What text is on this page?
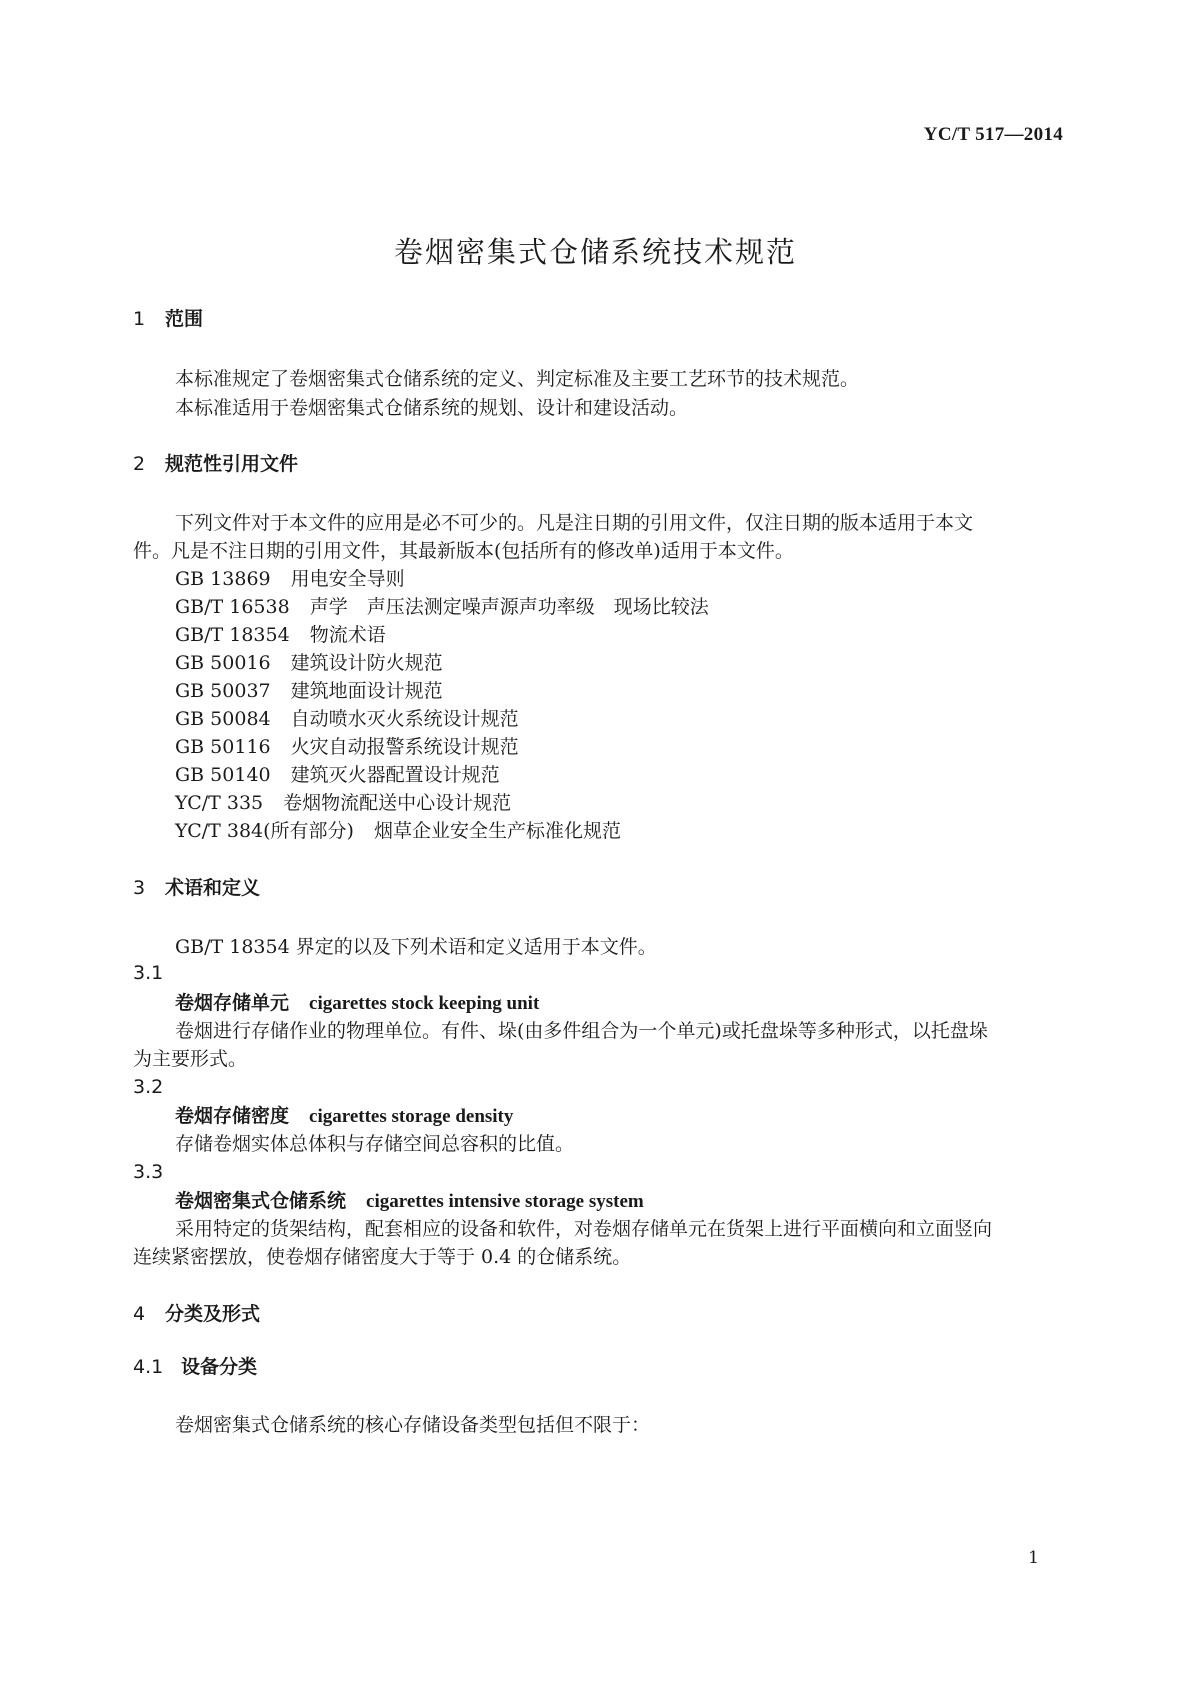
YC/T 517—2014
卷烟密集式仓储系统技术规范
1 范围
本标准规定了卷烟密集式仓储系统的定义、判定标准及主要工艺环节的技术规范。
本标准适用于卷烟密集式仓储系统的规划、设计和建设活动。
2 规范性引用文件
下列文件对于本文件的应用是必不可少的。凡是注日期的引用文件，仅注日期的版本适用于本文
件。凡是不注日期的引用文件，其最新版本(包括所有的修改单)适用于本文件。
GB 13869 用电安全导则
GB/T 16538 声学　声压法测定噪声源声功率级　现场比较法
GB/T 18354 物流术语
GB 50016 建筑设计防火规范
GB 50037 建筑地面设计规范
GB 50084 自动喷水灭火系统设计规范
GB 50116 火灾自动报警系统设计规范
GB 50140 建筑灭火器配置设计规范
YC/T 335 卷烟物流配送中心设计规范
YC/T 384(所有部分) 烟草企业安全生产标准化规范
3 术语和定义
GB/T 18354 界定的以及下列术语和定义适用于本文件。
3.1
卷烟存储单元 cigarettes stock keeping unit
卷烟进行存储作业的物理单位。有件、垛(由多件组合为一个单元)或托盘垛等多种形式，以托盘垛
为主要形式。
3.2
卷烟存储密度 cigarettes storage density
存储卷烟实体总体积与存储空间总容积的比值。
3.3
卷烟密集式仓储系统 cigarettes intensive storage system
采用特定的货架结构，配套相应的设备和软件，对卷烟存储单元在货架上进行平面横向和立面竖向
连续紧密摆放，使卷烟存储密度大于等于 0.4 的仓储系统。
4 分类及形式
4.1 设备分类
卷烟密集式仓储系统的核心存储设备类型包括但不限于：
1
